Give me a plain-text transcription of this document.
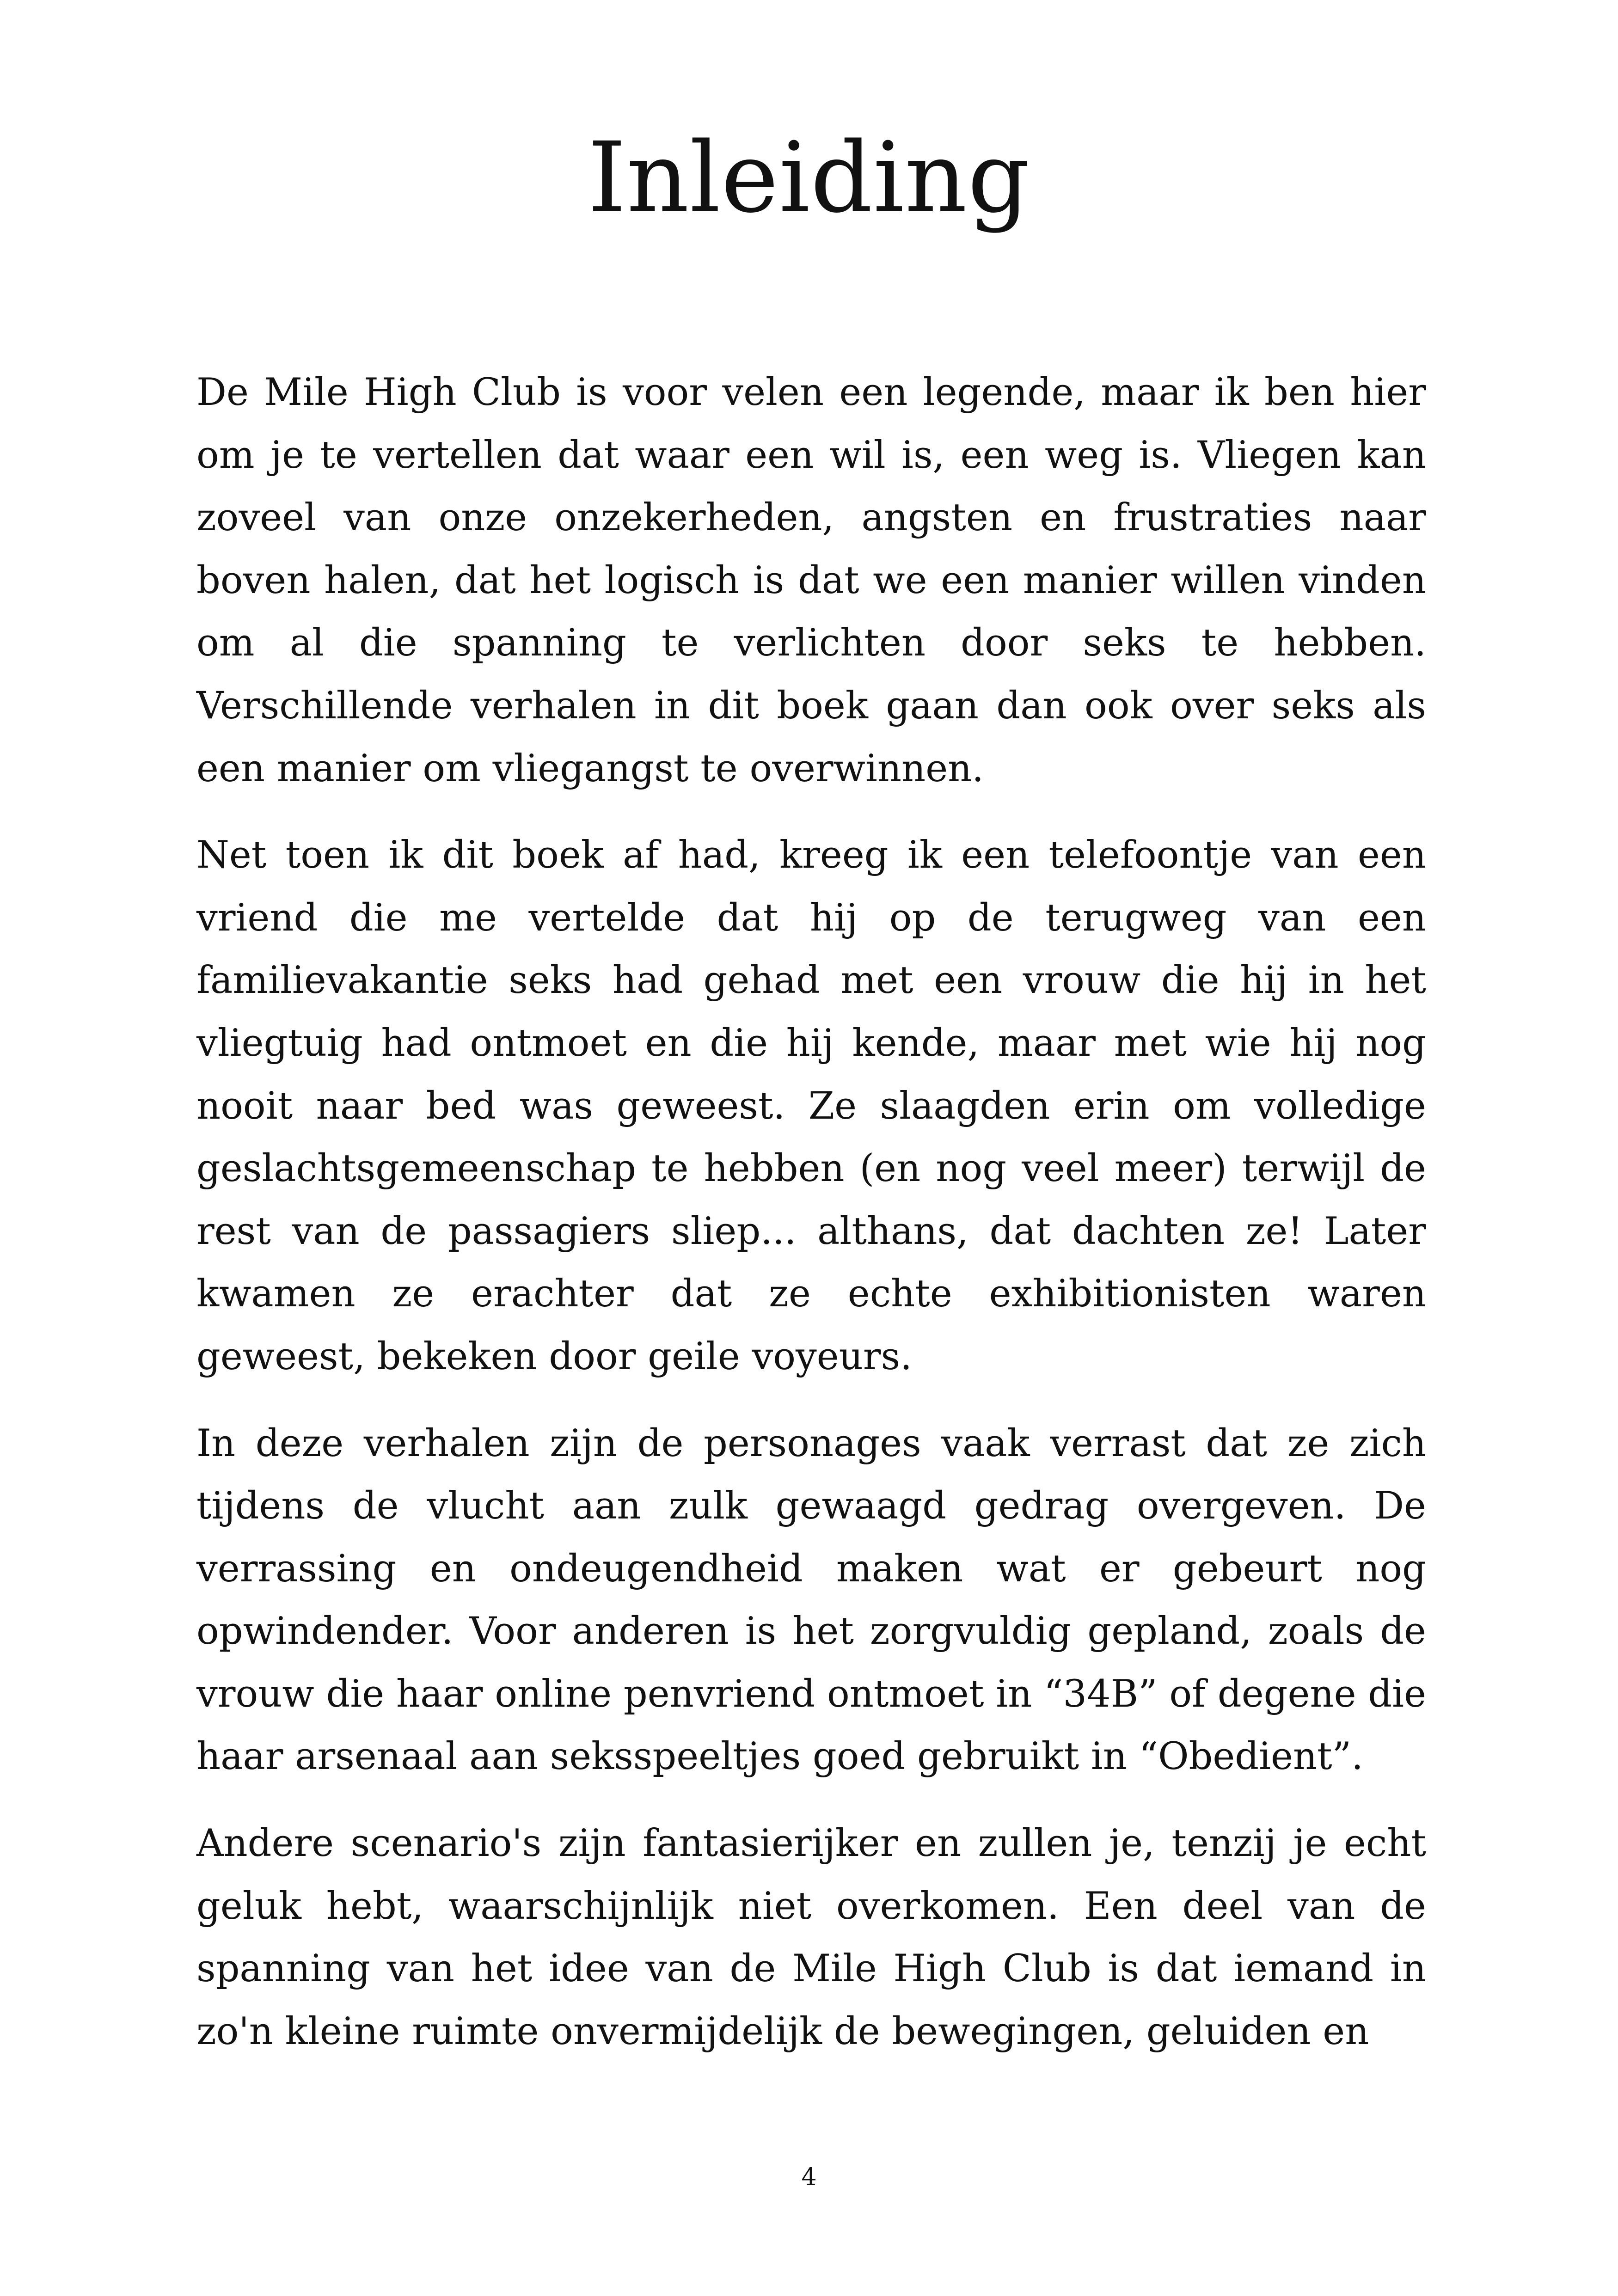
Inleiding

De Mile High Club is voor velen een legende, maar ik ben hier om je te vertellen dat waar een wil is, een weg is. Vliegen kan zoveel van onze onzekerheden, angsten en frustraties naar boven halen, dat het logisch is dat we een manier willen vinden om al die spanning te verlichten door seks te hebben. Verschillende verhalen in dit boek gaan dan ook over seks als een manier om vliegangst te overwinnen.

Net toen ik dit boek af had, kreeg ik een telefoontje van een vriend die me vertelde dat hij op de terugweg van een familievakantie seks had gehad met een vrouw die hij in het vliegtuig had ontmoet en die hij kende, maar met wie hij nog nooit naar bed was geweest. Ze slaagden erin om volledige geslachtsgemeenschap te hebben (en nog veel meer) terwijl de rest van de passagiers sliep... althans, dat dachten ze! Later kwamen ze erachter dat ze echte exhibitionisten waren geweest, bekeken door geile voyeurs.

In deze verhalen zijn de personages vaak verrast dat ze zich tijdens de vlucht aan zulk gewaagd gedrag overgeven. De verrassing en ondeugendheid maken wat er gebeurt nog opwindender. Voor anderen is het zorgvuldig gepland, zoals de vrouw die haar online penvriend ontmoet in “34B” of degene die haar arsenaal aan seksspeeltjes goed gebruikt in “Obedient”.

Andere scenario's zijn fantasierijker en zullen je, tenzij je echt geluk hebt, waarschijnlijk niet overkomen. Een deel van de spanning van het idee van de Mile High Club is dat iemand in zo'n kleine ruimte onvermijdelijk de bewegingen, geluiden en

4
